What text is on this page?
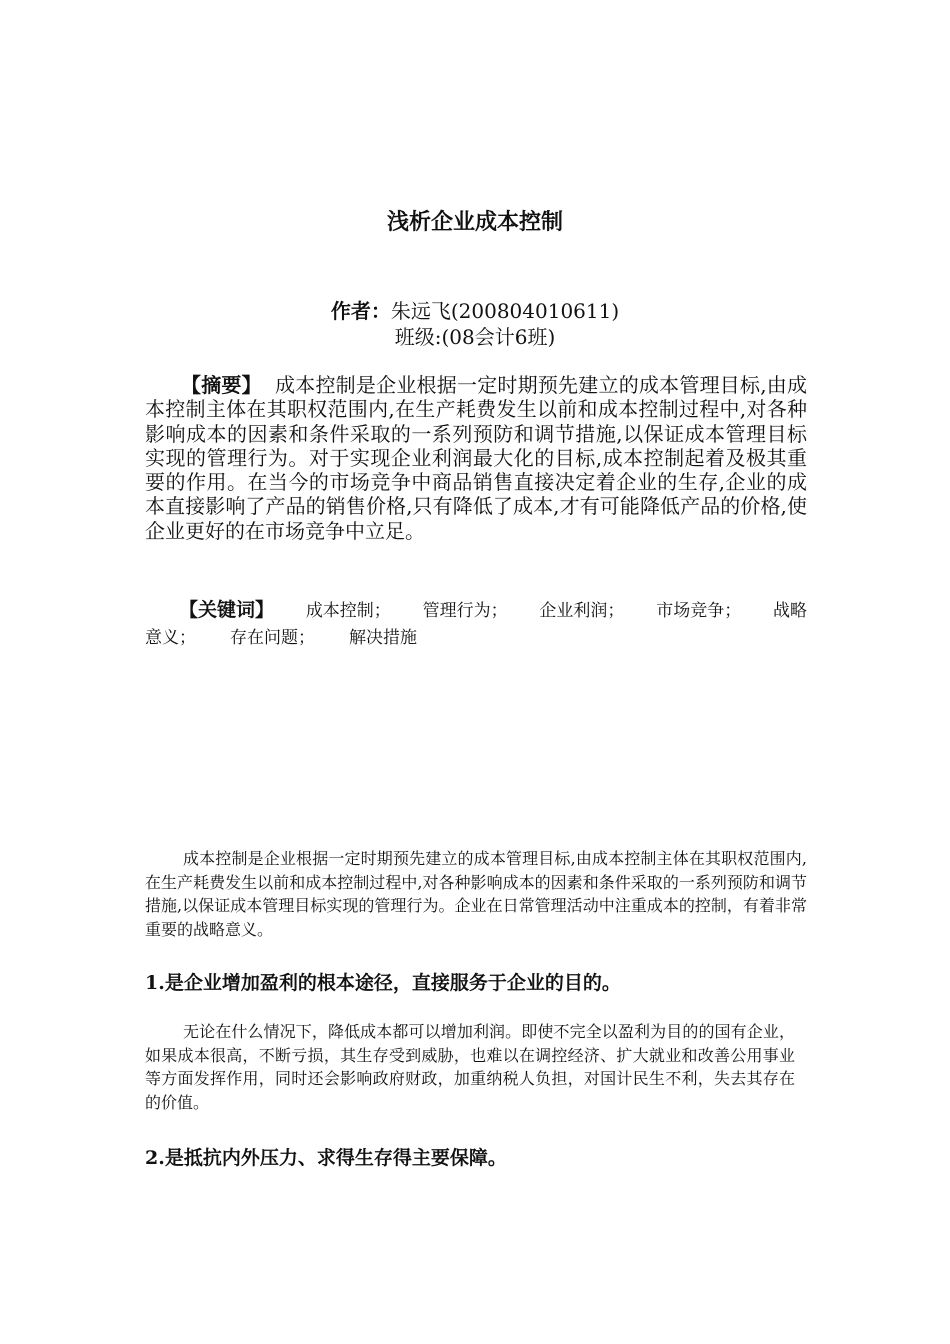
浅析企业成本控制
作者：朱远飞(200804010611)
班级:(08会计6班)

【摘要】 成本控制是企业根据一定时期预先建立的成本管理目标,由成本控制主体在其职权范围内,在生产耗费发生以前和成本控制过程中,对各种影响成本的因素和条件采取的一系列预防和调节措施,以保证成本管理目标实现的管理行为。对于实现企业利润最大化的目标,成本控制起着及极其重要的作用。在当今的市场竞争中商品销售直接决定着企业的生存,企业的成本直接影响了产品的销售价格,只有降低了成本,才有可能降低产品的价格,使企业更好的在市场竞争中立足。

【关键词】 成本控制； 管理行为； 企业利润； 市场竞争； 战略
意义； 存在问题； 解决措施

成本控制是企业根据一定时期预先建立的成本管理目标,由成本控制主体在其职权范围内,在生产耗费发生以前和成本控制过程中,对各种影响成本的因素和条件采取的一系列预防和调节措施,以保证成本管理目标实现的管理行为。企业在日常管理活动中注重成本的控制，有着非常重要的战略意义。

1.是企业增加盈利的根本途径，直接服务于企业的目的。

无论在什么情况下，降低成本都可以增加利润。即使不完全以盈利为目的的国有企业，如果成本很高，不断亏损，其生存受到威胁，也难以在调控经济、扩大就业和改善公用事业等方面发挥作用，同时还会影响政府财政，加重纳税人负担，对国计民生不利，失去其存在的价值。

2.是抵抗内外压力、求得生存得主要保障。
